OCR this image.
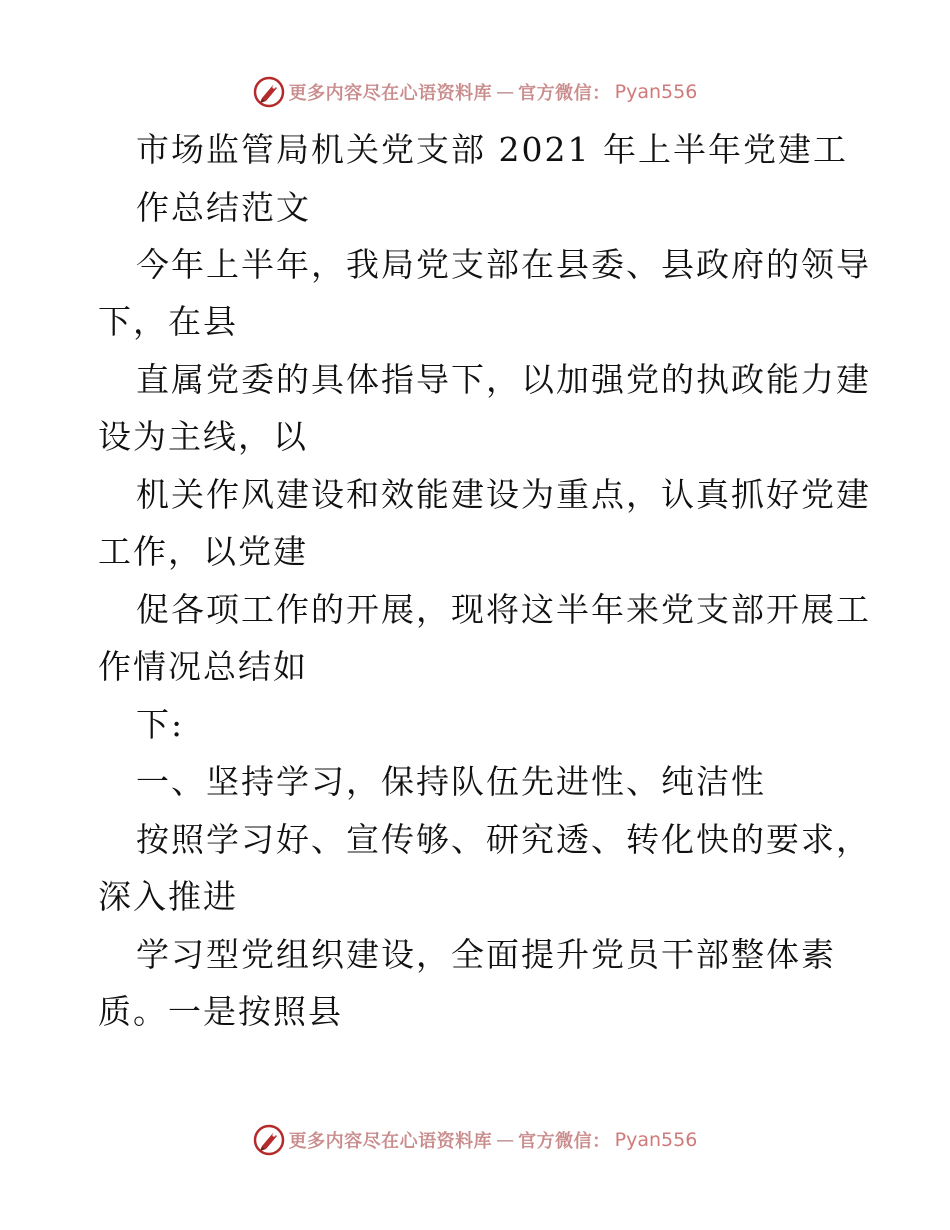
更多内容尽在心语资料库 — 官方微信： Pyan556
市场监管局机关党支部 2021 年上半年党建工
作总结范文
今年上半年，我局党支部在县委、县政府的领导
下，在县
直属党委的具体指导下，以加强党的执政能力建
设为主线，以
机关作风建设和效能建设为重点，认真抓好党建
工作，以党建
促各项工作的开展，现将这半年来党支部开展工
作情况总结如
下:
一、坚持学习，保持队伍先进性、纯洁性
按照学习好、宣传够、研究透、转化快的要求，
深入推进
学习型党组织建设，全面提升党员干部整体素
质。一是按照县
更多内容尽在心语资料库 — 官方微信： Pyan556
